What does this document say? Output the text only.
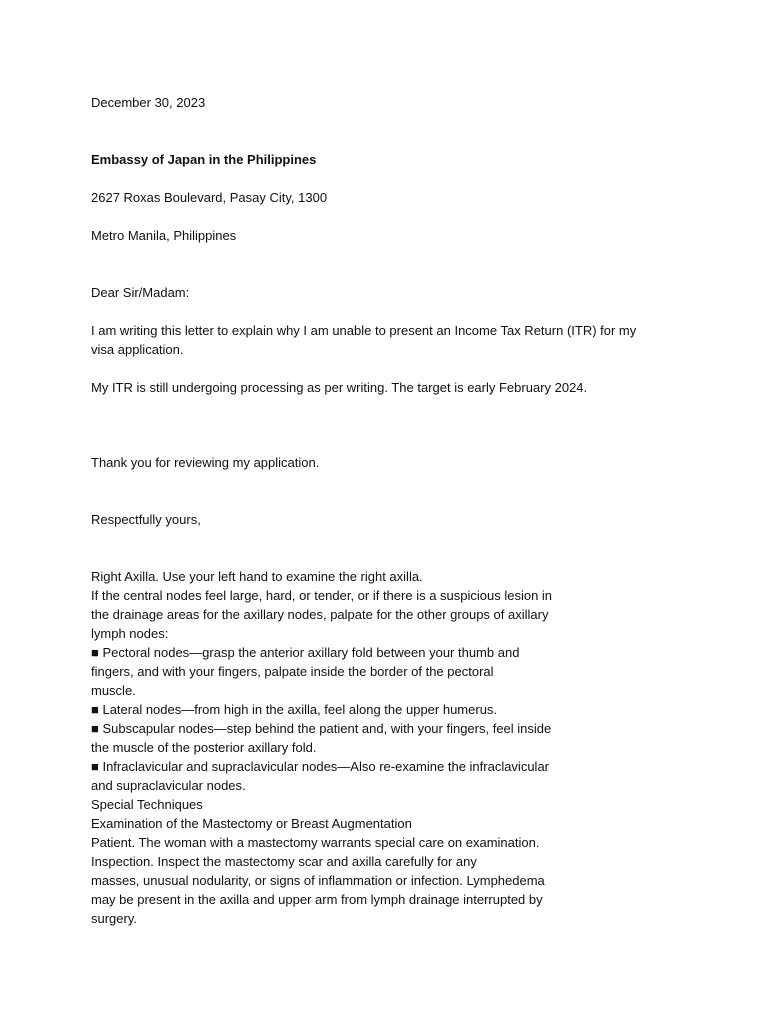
December 30, 2023
Embassy of Japan in the Philippines
2627 Roxas Boulevard, Pasay City, 1300
Metro Manila, Philippines
Dear Sir/Madam:
I am writing this letter to explain why I am unable to present an Income Tax Return (ITR) for my
visa application.
My ITR is still undergoing processing as per writing. The target is early February 2024.
Thank you for reviewing my application.
Respectfully yours,
Right Axilla. Use your left hand to examine the right axilla.
If the central nodes feel large, hard, or tender, or if there is a suspicious lesion in
the drainage areas for the axillary nodes, palpate for the other groups of axillary
lymph nodes:
■ Pectoral nodes—grasp the anterior axillary fold between your thumb and
fingers, and with your fingers, palpate inside the border of the pectoral
muscle.
■ Lateral nodes—from high in the axilla, feel along the upper humerus.
■ Subscapular nodes—step behind the patient and, with your fingers, feel inside
the muscle of the posterior axillary fold.
■ Infraclavicular and supraclavicular nodes—Also re-examine the infraclavicular
and supraclavicular nodes.
Special Techniques
Examination of the Mastectomy or Breast Augmentation
Patient. The woman with a mastectomy warrants special care on examination.
Inspection. Inspect the mastectomy scar and axilla carefully for any
masses, unusual nodularity, or signs of inflammation or infection. Lymphedema
may be present in the axilla and upper arm from lymph drainage interrupted by
surgery.
